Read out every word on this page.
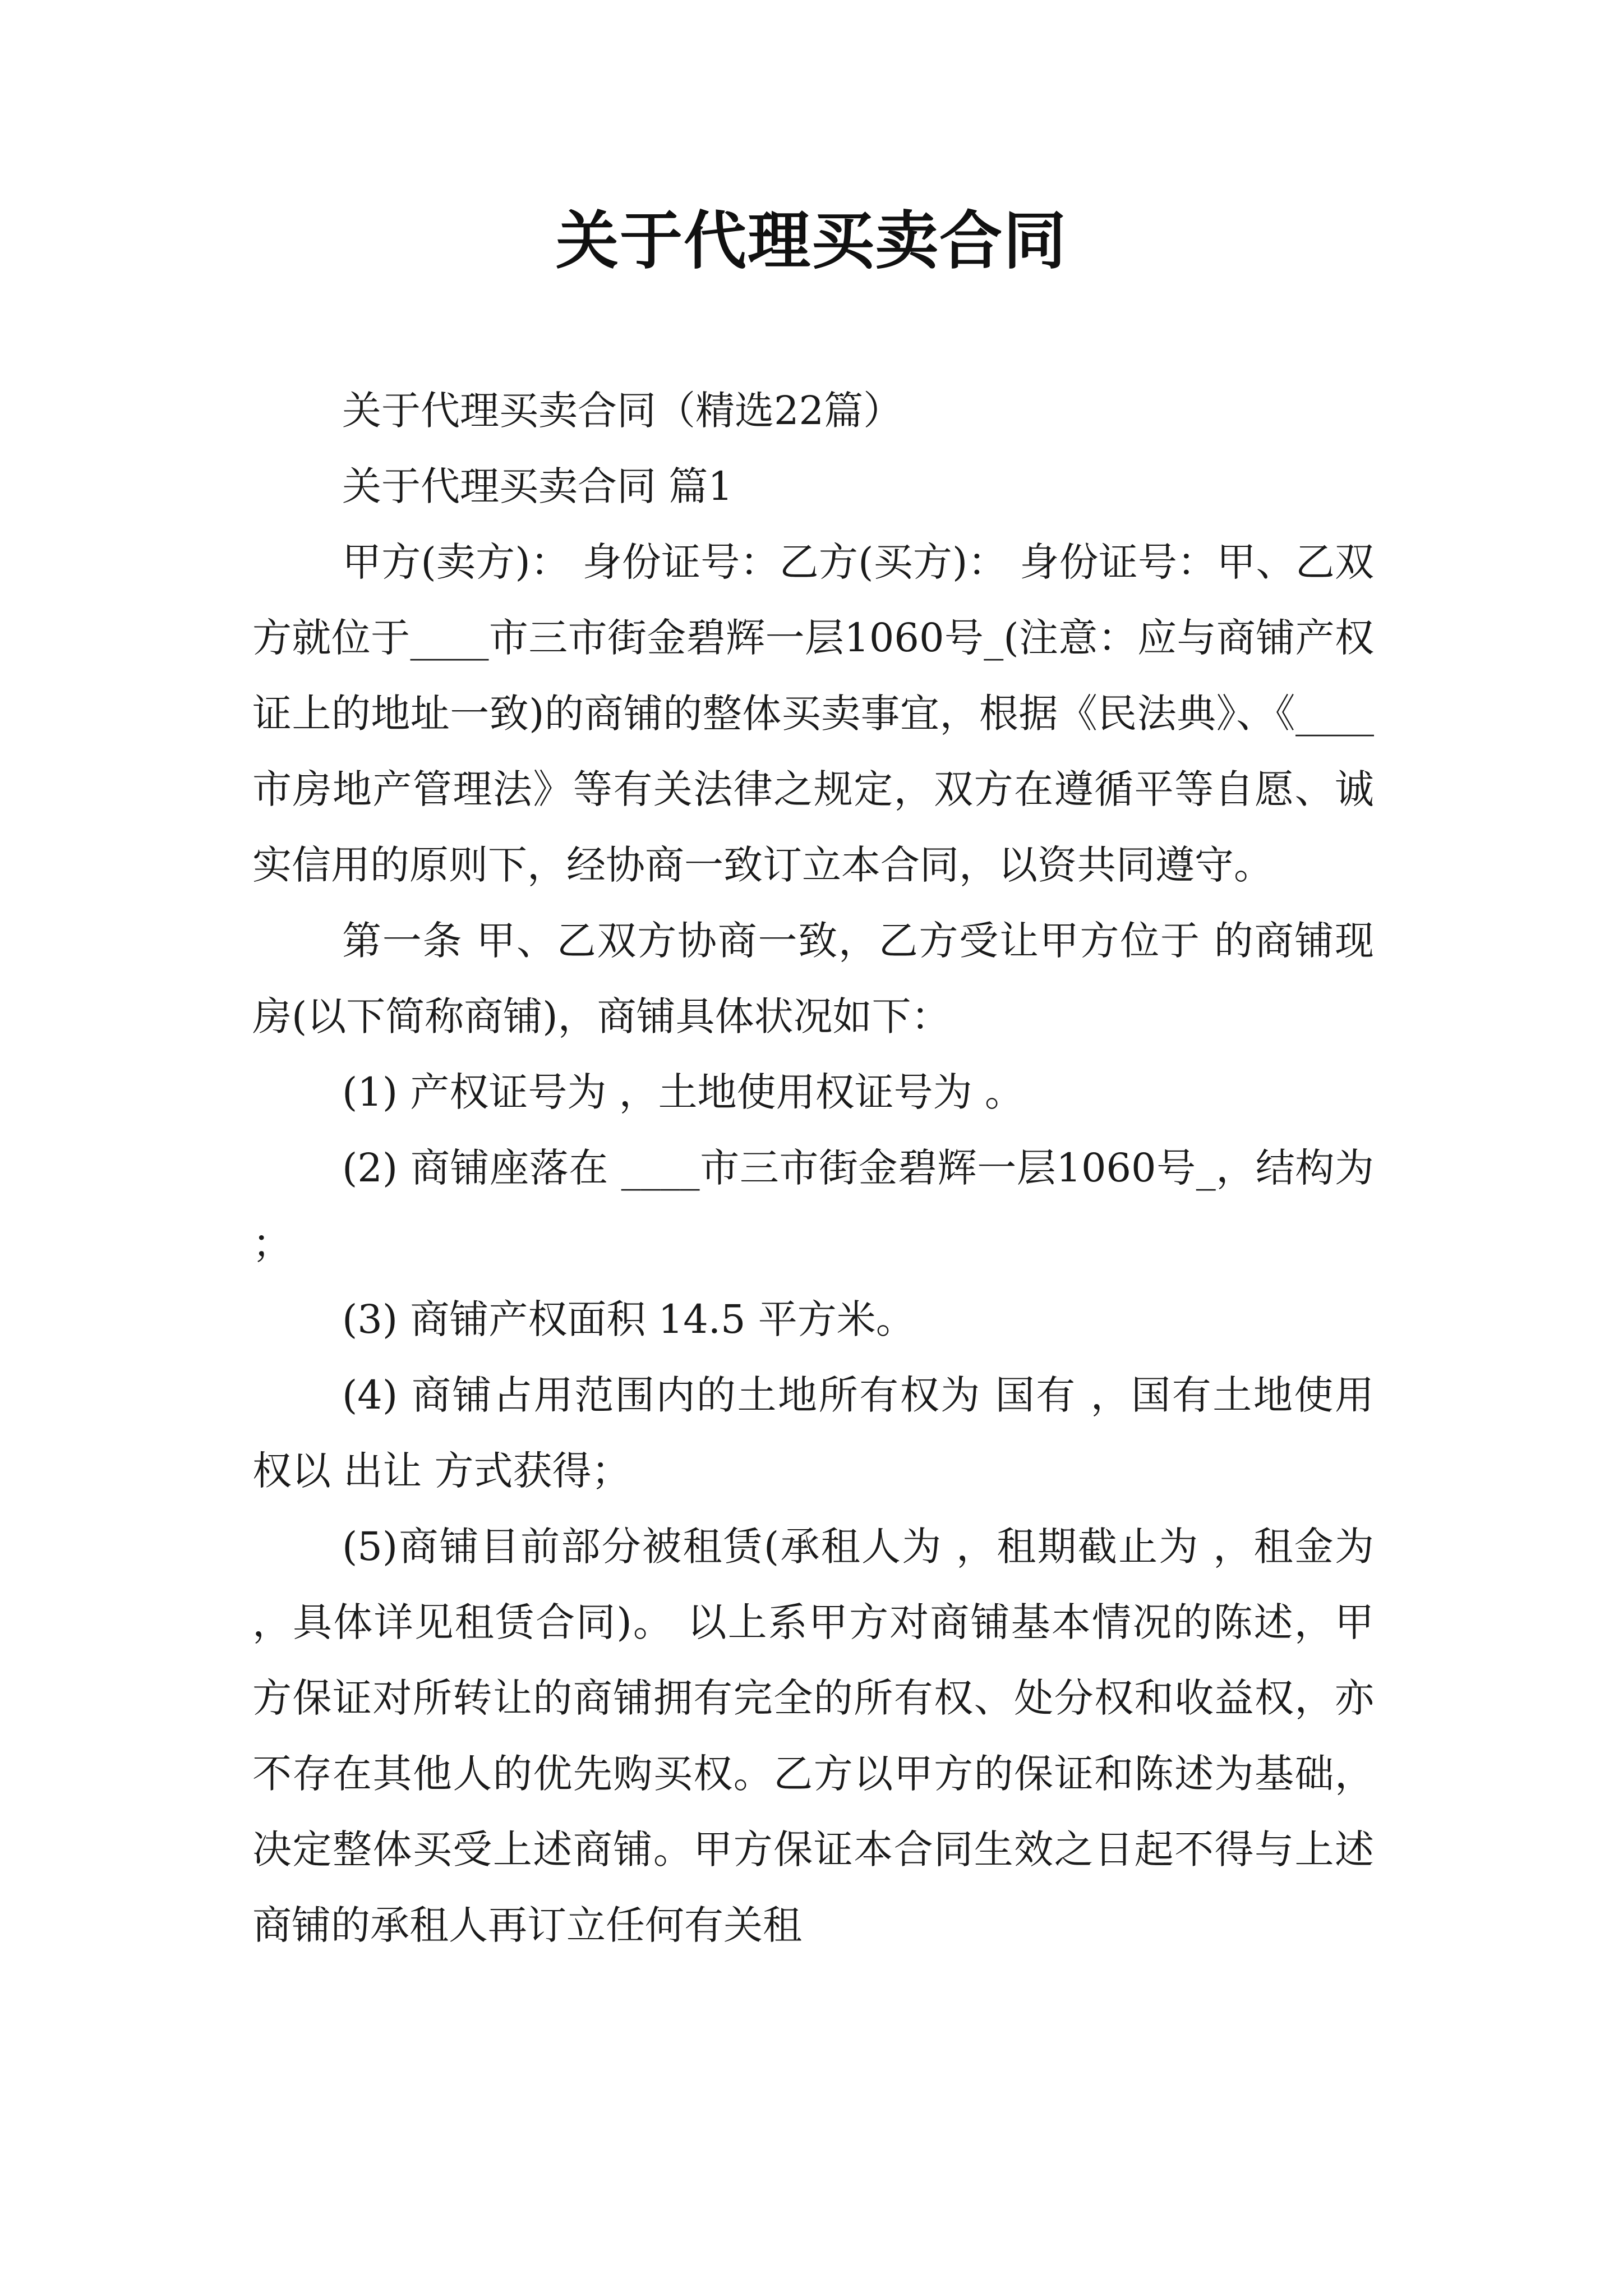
关于代理买卖合同

关于代理买卖合同（精选22篇）

关于代理买卖合同 篇1

甲方(卖方)： 身份证号：乙方(买方)： 身份证号：甲、乙双方就位于____市三市街金碧辉一层1060号_(注意：应与商铺产权证上的地址一致)的商铺的整体买卖事宜，根据《民法典》、《____市房地产管理法》等有关法律之规定，双方在遵循平等自愿、诚实信用的原则下，经协商一致订立本合同，以资共同遵守。

第一条 甲、乙双方协商一致，乙方受让甲方位于 的商铺现房(以下简称商铺)，商铺具体状况如下：

(1) 产权证号为 ，土地使用权证号为 。

(2) 商铺座落在 ____市三市街金碧辉一层1060号_，结构为 ；

(3) 商铺产权面积 14.5 平方米。

(4) 商铺占用范围内的土地所有权为 国有 ，国有土地使用权以 出让 方式获得；

(5)商铺目前部分被租赁(承租人为 ，租期截止为 ，租金为 ，具体详见租赁合同)。 以上系甲方对商铺基本情况的陈述，甲方保证对所转让的商铺拥有完全的所有权、处分权和收益权，亦不存在其他人的优先购买权。乙方以甲方的保证和陈述为基础，决定整体买受上述商铺。甲方保证本合同生效之日起不得与上述商铺的承租人再订立任何有关租
